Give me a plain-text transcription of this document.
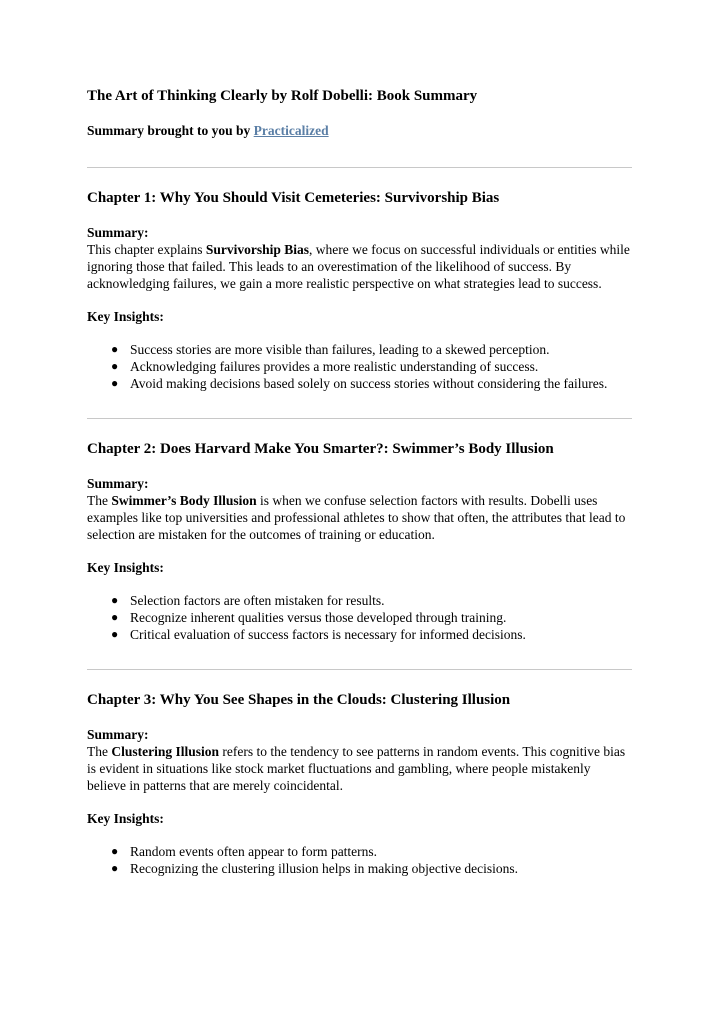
The Art of Thinking Clearly by Rolf Dobelli: Book Summary

Summary brought to you by Practicalized

Chapter 1: Why You Should Visit Cemeteries: Survivorship Bias
Summary:

This chapter explains Survivorship Bias, where we focus on successful individuals or entities while ignoring those that failed. This leads to an overestimation of the likelihood of success. By acknowledging failures, we gain a more realistic perspective on what strategies lead to success.

Key Insights:
● Success stories are more visible than failures, leading to a skewed perception.
● Acknowledging failures provides a more realistic understanding of success.
● Avoid making decisions based solely on success stories without considering the failures.
Chapter 2: Does Harvard Make You Smarter?: Swimmer’s Body Illusion
Summary:

The Swimmer’s Body Illusion is when we confuse selection factors with results. Dobelli uses examples like top universities and professional athletes to show that often, the attributes that lead to selection are mistaken for the outcomes of training or education.

Key Insights:
● Selection factors are often mistaken for results.
● Recognize inherent qualities versus those developed through training.
● Critical evaluation of success factors is necessary for informed decisions.
Chapter 3: Why You See Shapes in the Clouds: Clustering Illusion
Summary:

The Clustering Illusion refers to the tendency to see patterns in random events. This cognitive bias is evident in situations like stock market fluctuations and gambling, where people mistakenly believe in patterns that are merely coincidental.

Key Insights:
● Random events often appear to form patterns.
● Recognizing the clustering illusion helps in making objective decisions.
